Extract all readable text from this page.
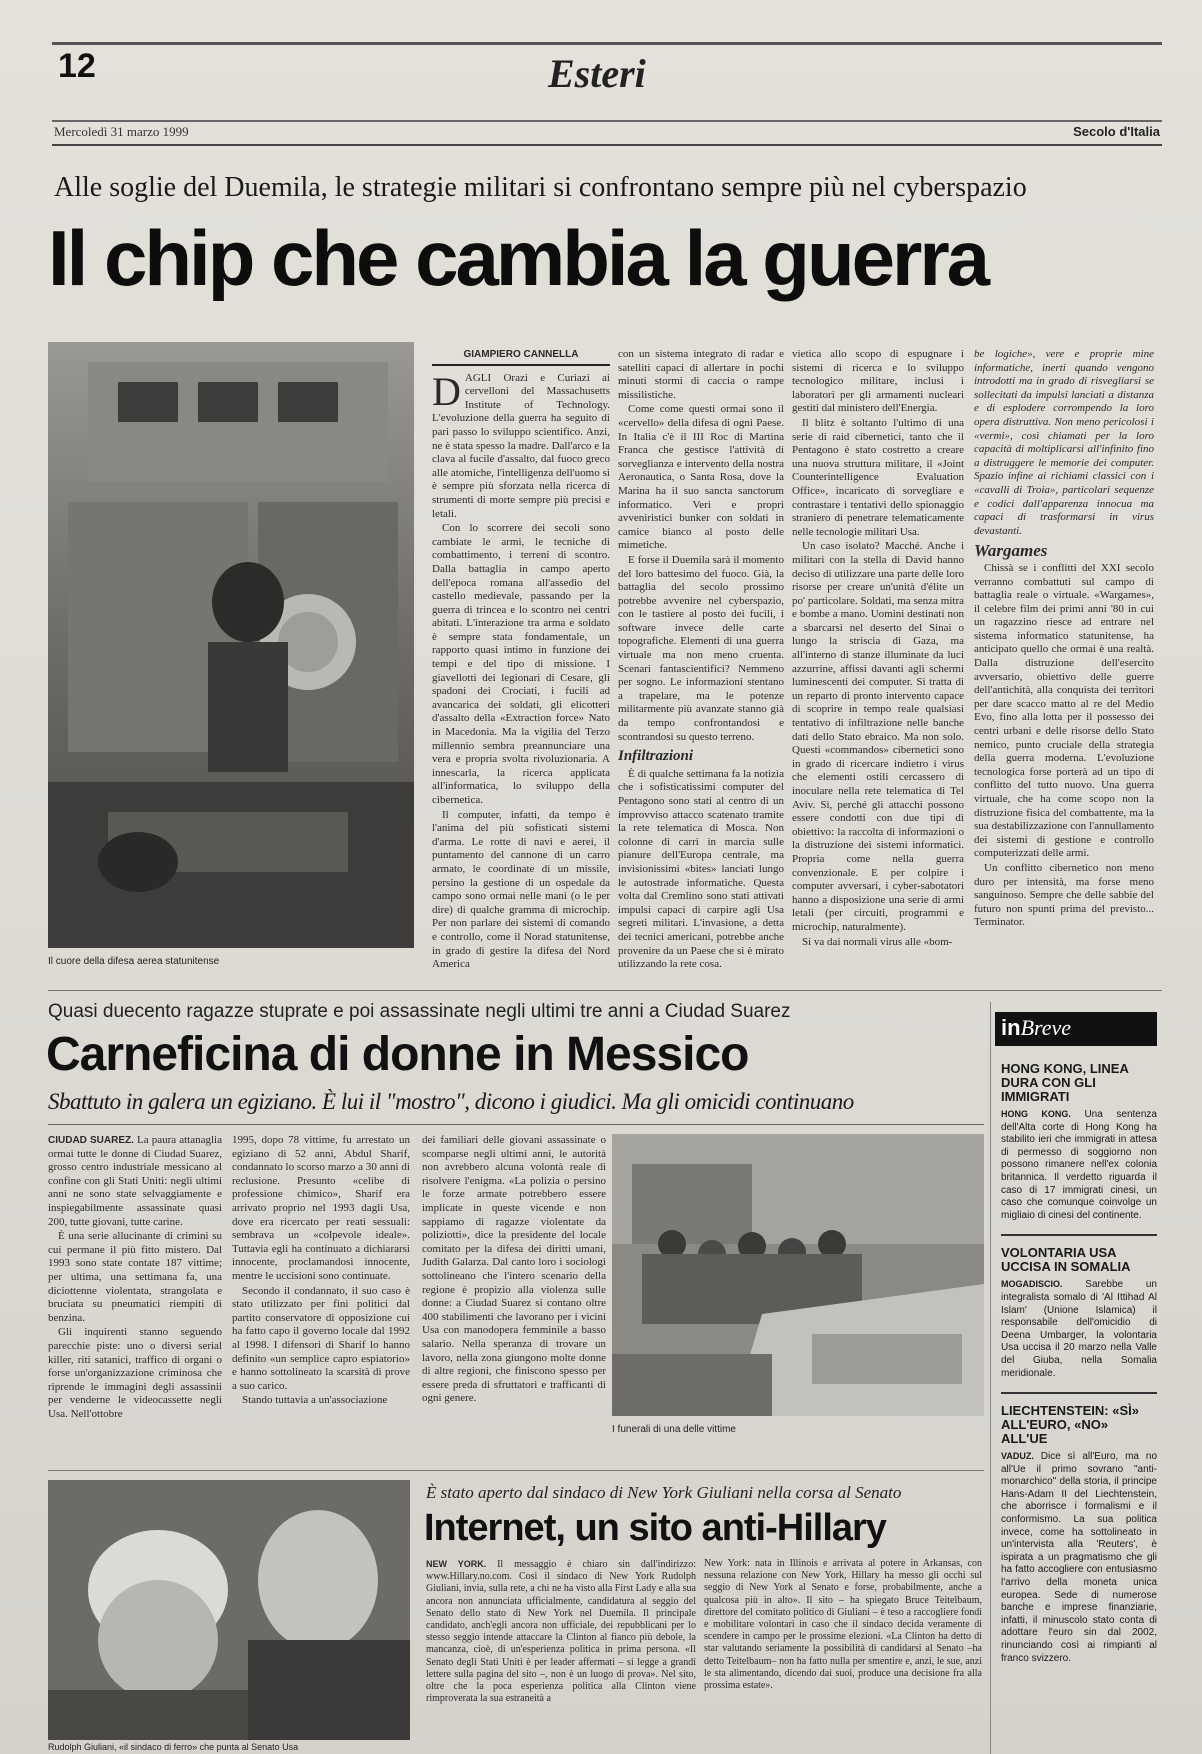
12	Esteri
Mercoledì 31 marzo 1999	Secolo d'Italia
Alle soglie del Duemila, le strategie militari si confrontano sempre più nel cyberspazio
Il chip che cambia la guerra
Il cuore della difesa aerea statunitense
GIAMPIERO CANNELLA

DAGLI Orazi e Curiazi ai cervelloni del Massachusetts Institute of Technology. L'evoluzione della guerra ha seguito di pari passo lo sviluppo scientifico. Anzi, ne è stata spesso la madre. Dall'arco e la clava al fucile d'assalto, dal fuoco greco alle atomiche, l'intelligenza dell'uomo si è sempre più sforzata nella ricerca di strumenti di morte sempre più precisi e letali.

Con lo scorrere dei secoli sono cambiate le armi, le tecniche di combattimento, i terreni di scontro. Dalla battaglia in campo aperto dell'epoca romana all'assedio del castello medievale, passando per la guerra di trincea e lo scontro nei centri abitati. L'interazione tra arma e soldato è sempre stata fondamentale, un rapporto quasi intimo in funzione dei tempi e del tipo di missione. I giavellotti dei legionari di Cesare, gli spadoni dei Crociati, i fucili ad avancarica dei soldati, gli elicotteri d'assalto della «Extraction force» Nato in Macedonia. Ma la vigilia del Terzo millennio sembra preannunciare una vera e propria svolta rivoluzionaria. A innescarla, la ricerca applicata all'informatica, lo sviluppo della cibernetica.

Il computer, infatti, da tempo è l'anima del più sofisticati sistemi d'arma. Le rotte di navi e aerei, il puntamento del cannone di un carro armato, le coordinate di un missile, persino la gestione di un ospedale da campo sono ormai nelle mani (o le per dire) di qualche gramma di microchip. Per non parlare dei sistemi di comando e controllo, come il Norad statunitense, in grado di gestire la difesa del Nord America

con un sistema integrato di radar e satelliti capaci di allertare in pochi minuti stormi di caccia o rampe missilistiche.

Come come questi ormai sono il «cervello» della difesa di ogni Paese. In Italia c'è il III Roc di Martina Franca che gestisce l'attività di sorveglianza e intervento della nostra Aeronautica, o Santa Rosa, dove la Marina ha il suo sancta sanctorum informatico. Veri e propri avveniristici bunker con soldati in camice bianco al posto delle mimetiche.

E forse il Duemila sarà il momento del loro battesimo del fuoco. Già, la battaglia del secolo prossimo potrebbe avvenire nel cyberspazio, con le tastiere al posto dei fucili, i software invece delle carte topografiche. Elementi di una guerra virtuale ma non meno cruenta. Scenari fantascientifici? Nemmeno per sogno. Le informazioni stentano a trapelare, ma le potenze militarmente più avanzate stanno già da tempo confrontandosi e scontrandosi su questo terreno.

Infiltrazioni

È di qualche settimana fa la notizia che i sofisticatissimi computer del Pentagono sono stati al centro di un improvviso attacco scatenato tramite la rete telematica di Mosca. Non colonne di carri in marcia sulle pianure dell'Europa centrale, ma invisionissimi «bites» lanciati lungo le autostrade informatiche. Questa volta dal Cremlino sono stati attivati impulsi capaci di carpire agli Usa segreti militari. L'invasione, a detta dei tecnici americani, potrebbe anche provenire da un Paese che si è mirato utilizzando la rete cosa.

vietica allo scopo di espugnare i sistemi di ricerca e lo sviluppo tecnologico militare, inclusi i laboratori per gli armamenti nucleari gestiti dal ministero dell'Energia.

Il blitz è soltanto l'ultimo di una serie di raid cibernetici, tanto che il Pentagono è stato costretto a creare una nuova struttura militare, il «Joint Counterintelligence Evaluation Office», incaricato di sorvegliare e contrastare i tentativi dello spionaggio straniero di penetrare telematicamente nelle tecnologie militari Usa.

Un caso isolato? Macché. Anche i militari con la stella di David hanno deciso di utilizzare una parte delle loro risorse per creare un'unità d'élite un po' particolare. Soldati, ma senza mitra e bombe a mano. Uomini destinati non a sbarcarsi nel deserto del Sinai o lungo la striscia di Gaza, ma all'interno di stanze illuminate da luci azzurrine, affissi davanti agli schermi luminescenti dei computer. Si tratta di un reparto di pronto intervento capace di scoprire in tempo reale qualsiasi tentativo di infiltrazione nelle banche dati dello Stato ebraico. Ma non solo. Questi «commandos» cibernetici sono in grado di ricercare indietro i virus che elementi ostili cercassero di inoculare nella rete telematica di Tel Aviv. Sì, perché gli attacchi possono essere condotti con due tipi di obiettivo: la raccolta di informazioni o la distruzione dei sistemi informatici. Propria come nella guerra convenzionale. E per colpire i computer avversari, i cyber-sabotatori hanno a disposizione una serie di armi letali (per circuiti, programmi e microchip, naturalmente).

Si va dai normali virus alle «bom-

be logiche», vere e proprie mine informatiche, inerti quando vengono introdotti ma in grado di risvegliarsi se sollecitati da impulsi lanciati a distanza e di esplodere corrompendo la loro opera distruttiva. Non meno pericolosi i «vermi», così chiamati per la loro capacità di moltiplicarsi all'infinito fino a distruggere le memorie dei computer. Spazio infine ai richiami classici con i «cavalli di Troia», particolari sequenze e codici dall'apparenza innocua ma capaci di trasformarsi in virus devastanti.

Wargames

Chissà se i conflitti del XXI secolo verranno combattuti sul campo di battaglia reale o virtuale. «Wargames», il celebre film dei primi anni '80 in cui un ragazzino riesce ad entrare nel sistema informatico statunitense, ha anticipato quello che ormai è una realtà. Dalla distruzione dell'esercito avversario, obiettivo delle guerre dell'antichità, alla conquista dei territori per dare scacco matto al re del Medio Evo, fino alla lotta per il possesso dei centri urbani e delle risorse dello Stato nemico, punto cruciale della strategia della guerra moderna. L'evoluzione tecnologica forse porterà ad un tipo di conflitto del tutto nuovo. Una guerra virtuale, che ha come scopo non la distruzione fisica del combattente, ma la sua destabilizzazione con l'annullamento dei sistemi di gestione e controllo computerizzati delle armi.

Un conflitto cibernetico non meno duro per intensità, ma forse meno sanguinoso. Sempre che delle sabbie del futuro non spunti prima del previsto... Terminator.

Quasi duecento ragazze stuprate e poi assassinate negli ultimi tre anni a Ciudad Suarez
Carneficina di donne in Messico
Sbattuto in galera un egiziano. È lui il "mostro", dicono i giudici. Ma gli omicidi continuano

CIUDAD SUAREZ. La paura attanaglia ormai tutte le donne di Ciudad Suarez, grosso centro industriale messicano al confine con gli Stati Uniti: negli ultimi anni ne sono state selvaggiamente e inspiegabilmente assassinate quasi 200, tutte giovani, tutte carine.

È una serie allucinante di crimini su cui permane il più fitto mistero. Dal 1993 sono state contate 187 vittime; per ultima, una settimana fa, una diciottenne violentata, strangolata e bruciata su pneumatici riempiti di benzina.

Gli inquirenti stanno seguendo parecchie piste: uno o diversi serial killer, riti satanici, traffico di organi o forse un'organizzazione criminosa che riprende le immagini degli assassinii per venderne le videocassette negli Usa. Nell'ottobre

1995, dopo 78 vittime, fu arrestato un egiziano di 52 anni, Abdul Sharif, condannato lo scorso marzo a 30 anni di reclusione. Presunto «celibe di professione chimico», Sharif era arrivato proprio nel 1993 dagli Usa, dove era ricercato per reati sessuali: sembrava un «colpevole ideale». Tuttavia egli ha continuato a dichiararsi innocente, proclamandosi innocente, mentre le uccisioni sono continuate.

Secondo il condannato, il suo caso è stato utilizzato per fini politici dal partito conservatore di opposizione cui ha fatto capo il governo locale dal 1992 al 1998. I difensori di Sharif lo hanno definito «un semplice capro espiatorio» e hanno sottolineato la scarsità di prove a suo carico.

Stando tuttavia a un'associazione

dei familiari delle giovani assassinate o scomparse negli ultimi anni, le autorità non avrebbero alcuna volontà reale di risolvere l'enigma. «La polizia o persino le forze armate potrebbero essere implicate in queste vicende e non sappiamo di ragazze violentate da poliziotti», dice la presidente del locale comitato per la difesa dei diritti umani, Judith Galarza. Dal canto loro i sociologi sottolineano che l'intero scenario della regione è propizio alla violenza sulle donne: a Ciudad Suarez si contano oltre 400 stabilimenti che lavorano per i vicini Usa con manodopera femminile a basso salario. Nella speranza di trovare un lavoro, nella zona giungono molte donne di altre regioni, che finiscono spesso per essere preda di sfruttatori e trafficanti di ogni genere.

I funerali di una delle vittime
Rudolph Giuliani, «il sindaco di ferro» che punta al Senato Usa
È stato aperto dal sindaco di New York Giuliani nella corsa al Senato
Internet, un sito anti-Hillary

NEW YORK. Il messaggio è chiaro sin dall'indirizzo: www.Hillary.no.com. Così il sindaco di New York Rudolph Giuliani, invia, sulla rete, a chi ne ha visto alla First Lady e alla sua ancora non annunciata ufficialmente, candidatura al seggio del Senato dello stato di New York nel Duemila. Il principale candidato, anch'egli ancora non ufficiale, dei repubblicani per lo stesso seggio intende attaccare la Clinton al fianco più debole, la mancanza, cioè, di un'esperienza politica in prima persona. «Il Senato degli Stati Uniti è per leader affermati – si legge a grandi lettere sulla pagina del sito –, non è un luogo di prova». Nel sito, oltre che la poca esperienza politica alla Clinton viene rimproverata la sua estraneità a

New York: nata in Illinois e arrivata al potere in Arkansas, con nessuna relazione con New York, Hillary ha messo gli occhi sul seggio di New York al Senato e forse, probabilmente, anche a qualcosa più in alto». Il sito – ha spiegato Bruce Teitelbaum, direttore del comitato politico di Giuliani – è teso a raccogliere fondi e mobilitare volontari in caso che il sindaco decida veramente di scendere in campo per le prossime elezioni. «La Clinton ha detto di star valutando seriamente la possibilità di candidarsi al Senato –ha detto Teitelbaum– non ha fatto nulla per smentire e, anzi, le sue, anzi le sta alimentando, dicendo dai suoi, produce una decisione fra alla prossima estate».

inBreve
HONG KONG, LINEA DURA CON GLI IMMIGRATI
HONG KONG. Una sentenza dell'Alta corte di Hong Kong ha stabilito ieri che immigrati in attesa di permesso di soggiorno non possono rimanere nell'ex colonia britannica. Il verdetto riguarda il caso di 17 immigrati cinesi, un caso che comunque coinvolge un migliaio di cinesi del continente.
VOLONTARIA USA UCCISA IN SOMALIA
MOGADISCIO. Sarebbe un integralista somalo di 'Al Ittihad Al Islam' (Unione Islamica) il responsabile dell'omicidio di Deena Umbarger, la volontaria Usa uccisa il 20 marzo nella Valle del Giuba, nella Somalia meridionale.
LIECHTENSTEIN: «SÌ» ALL'EURO, «NO» ALL'UE
VADUZ. Dice sì all'Euro, ma no all'Ue il primo sovrano "anti-monarchico" della storia, il principe Hans-Adam II del Liechtenstein, che aborrisce i formalismi e il conformismo. La sua politica invece, come ha sottolineato in un'intervista alla 'Reuters', è ispirata a un pragmatismo che gli ha fatto accogliere con entusiasmo l'arrivo della moneta unica europea. Sede di numerose banche e imprese finanziarie, infatti, il minuscolo stato conta di adottare l'euro sin dal 2002, rinunciando così ai rimpianti al franco svizzero.
